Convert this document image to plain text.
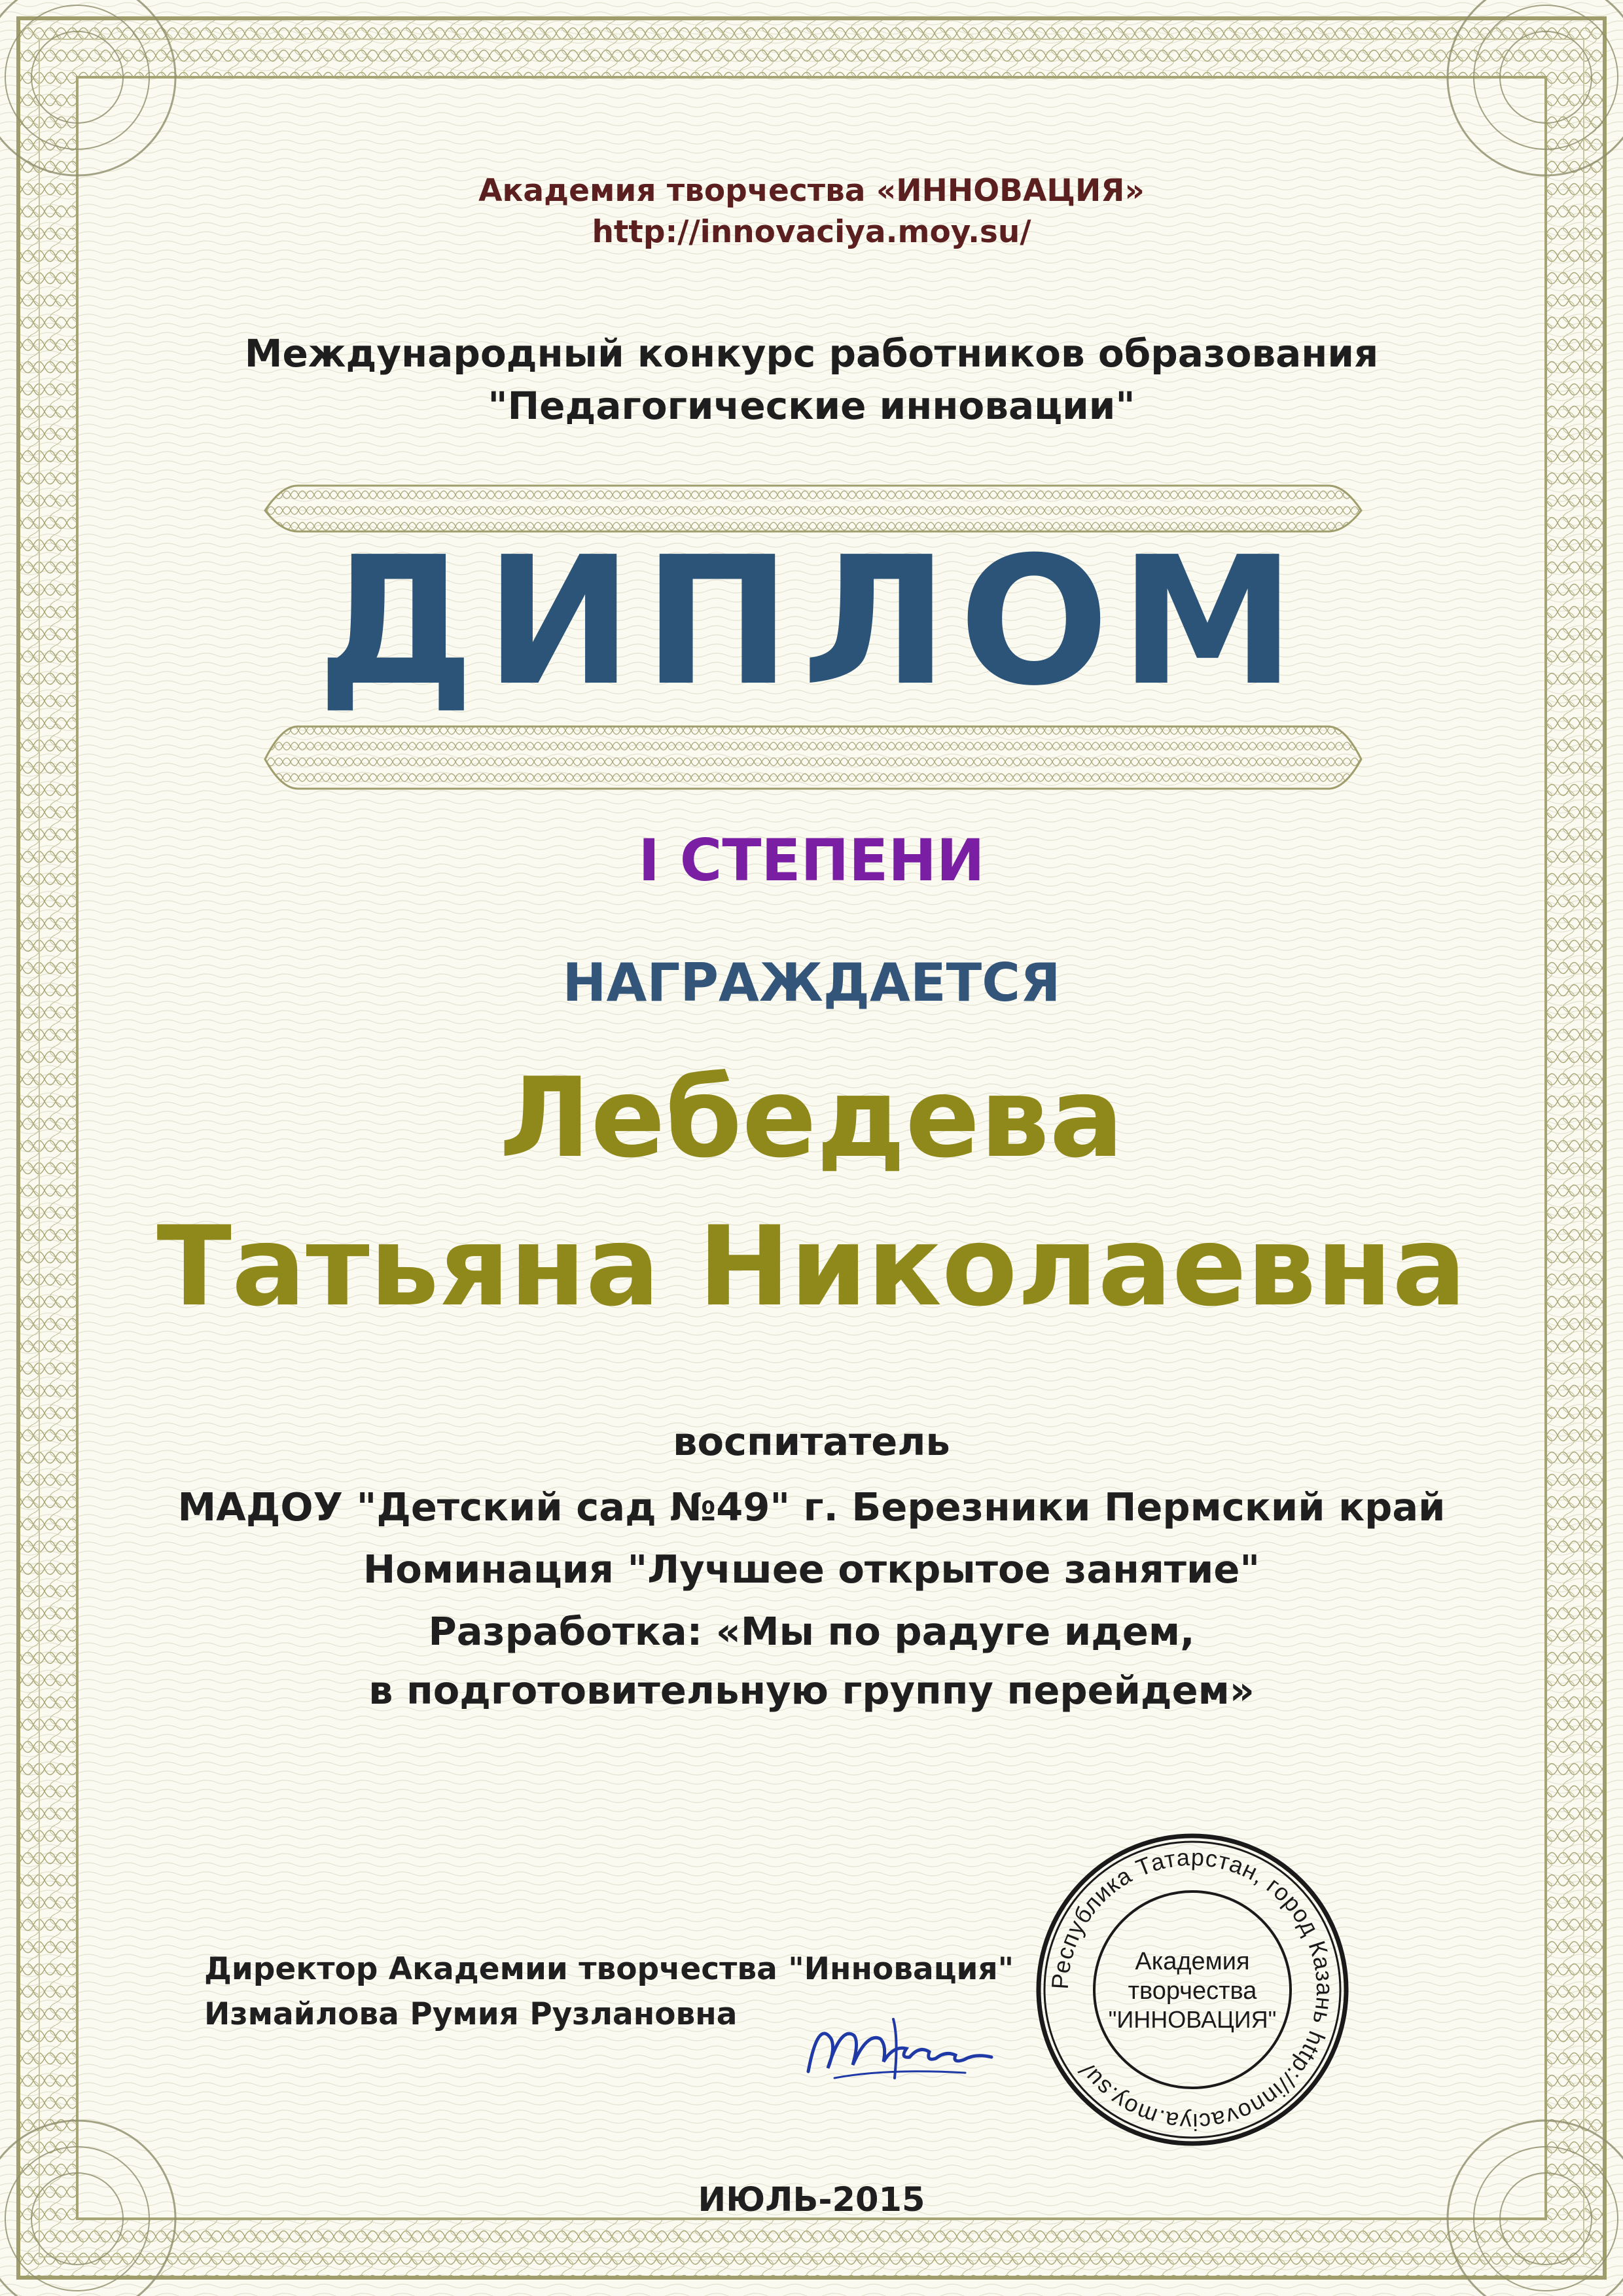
Академия творчества «ИННОВАЦИЯ»

http://innovaciya.moy.su/

Международный конкурс работников образования

"Педагогические инновации"

ДИПЛОМ

I СТЕПЕНИ

НАГРАЖДАЕТСЯ

Лебедева

Татьяна Николаевна

воспитатель

МАДОУ "Детский сад №49" г. Березники Пермский край

Номинация "Лучшее открытое занятие"

Разработка: «Мы по радуге идем,

в подготовительную группу перейдем»

Директор Академии творчества "Инновация"
Измайлова Румия Рузлановна
Республика Татарстан, город Казань http://innovaciya.moy.su/
Академия
творчества
"ИННОВАЦИЯ"

ИЮЛЬ-2015
